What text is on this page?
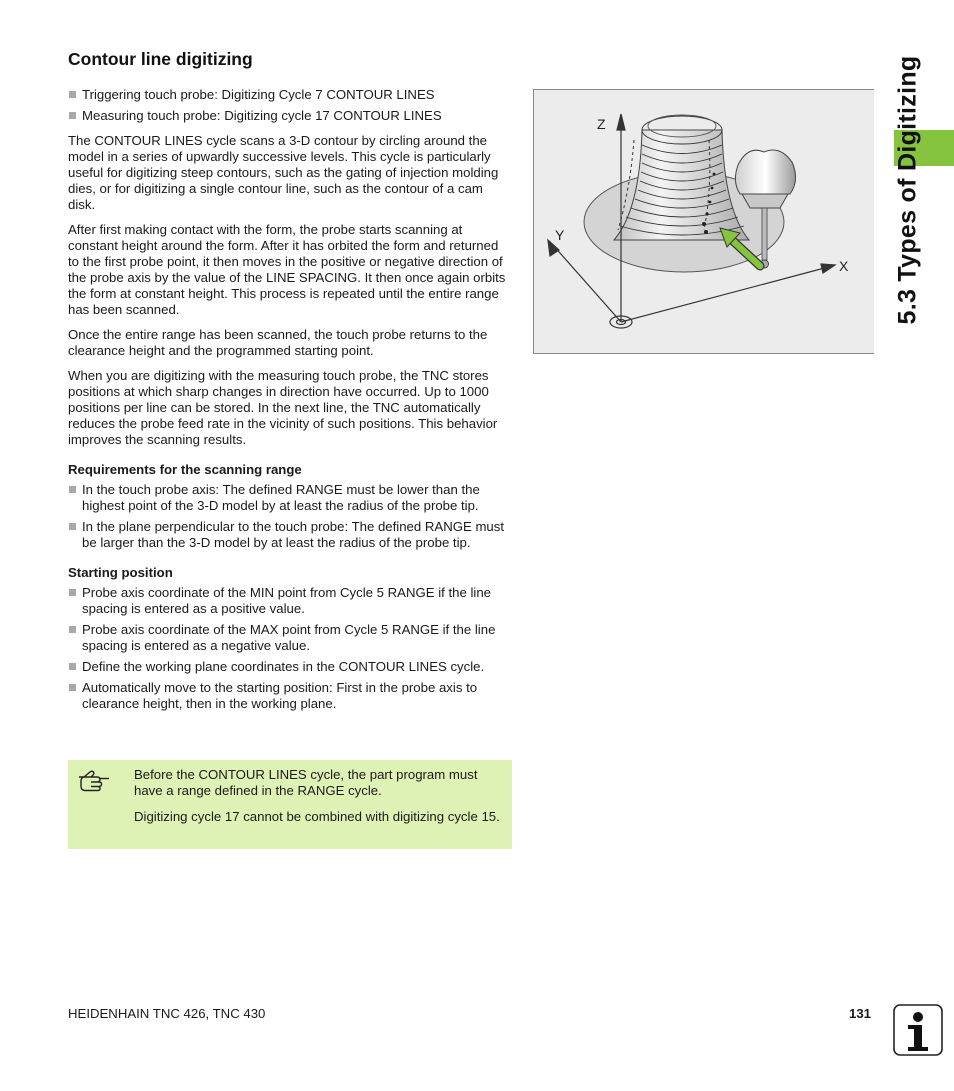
Contour line digitizing
Triggering touch probe: Digitizing Cycle 7 CONTOUR LINES
Measuring touch probe: Digitizing cycle 17 CONTOUR LINES

The CONTOUR LINES cycle scans a 3-D contour by circling around the model in a series of upwardly successive levels. This cycle is particularly useful for digitizing steep contours, such as the gating of injection molding dies, or for digitizing a single contour line, such as the contour of a cam disk.

After first making contact with the form, the probe starts scanning at constant height around the form. After it has orbited the form and returned to the first probe point, it then moves in the positive or negative direction of the probe axis by the value of the LINE SPACING. It then once again orbits the form at constant height. This process is repeated until the entire range has been scanned.

Once the entire range has been scanned, the touch probe returns to the clearance height and the programmed starting point.

When you are digitizing with the measuring touch probe, the TNC stores positions at which sharp changes in direction have occurred. Up to 1000 positions per line can be stored. In the next line, the TNC automatically reduces the probe feed rate in the vicinity of such positions. This behavior improves the scanning results.

Requirements for the scanning range
In the touch probe axis: The defined RANGE must be lower than the highest point of the 3-D model by at least the radius of the probe tip.
In the plane perpendicular to the touch probe: The defined RANGE must be larger than the 3-D model by at least the radius of the probe tip.
Starting position
Probe axis coordinate of the MIN point from Cycle 5 RANGE if the line spacing is entered as a positive value.
Probe axis coordinate of the MAX point from Cycle 5 RANGE if the line spacing is entered as a negative value.
Define the working plane coordinates in the CONTOUR LINES cycle.
Automatically move to the starting position: First in the probe axis to clearance height, then in the working plane.

Before the CONTOUR LINES cycle, the part program must have a range defined in the RANGE cycle.

Digitizing cycle 17 cannot be combined with digitizing cycle 15.

Z
Y
X 5.3 Types of Digitizing
HEIDENHAIN TNC 426, TNC 430	131
